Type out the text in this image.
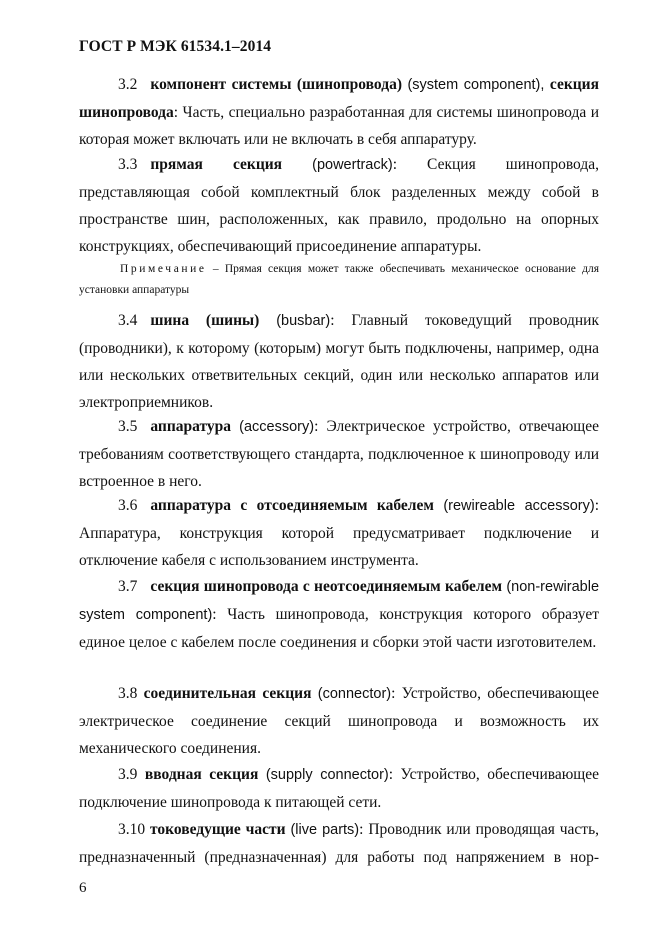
ГОСТ Р МЭК 61534.1–2014
3.2 компонент системы (шинопровода) (system component), секция шинопровода: Часть, специально разработанная для системы шинопровода и которая может включать или не включать в себя аппаратуру.
3.3 прямая секция (powertrack): Секция шинопровода, представляющая собой комплектный блок разделенных между собой в пространстве шин, расположенных, как правило, продольно на опорных конструкциях, обеспечивающий присоединение аппаратуры.
Примечание – Прямая секция может также обеспечивать механическое основание для установки аппаратуры
3.4 шина (шины) (busbar): Главный токоведущий проводник (проводники), к которому (которым) могут быть подключены, например, одна или нескольких ответвительных секций, один или несколько аппаратов или электроприемников.
3.5 аппаратура (accessory): Электрическое устройство, отвечающее требованиям соответствующего стандарта, подключенное к шинопроводу или встроенное в него.
3.6 аппаратура с отсоединяемым кабелем (rewireable accessory): Аппаратура, конструкция которой предусматривает подключение и отключение кабеля с использованием инструмента.
3.7 секция шинопровода с неотсоединяемым кабелем (non-rewirable system component): Часть шинопровода, конструкция которого образует единое целое с кабелем после соединения и сборки этой части изготовителем.
3.8 соединительная секция (connector): Устройство, обеспечивающее электрическое соединение секций шинопровода и возможность их механического соединения.
3.9 вводная секция (supply connector): Устройство, обеспечивающее подключение шинопровода к питающей сети.
3.10 токоведущие части (live parts): Проводник или проводящая часть, предназначенный (предназначенная) для работы под напряжением в нор-
6
